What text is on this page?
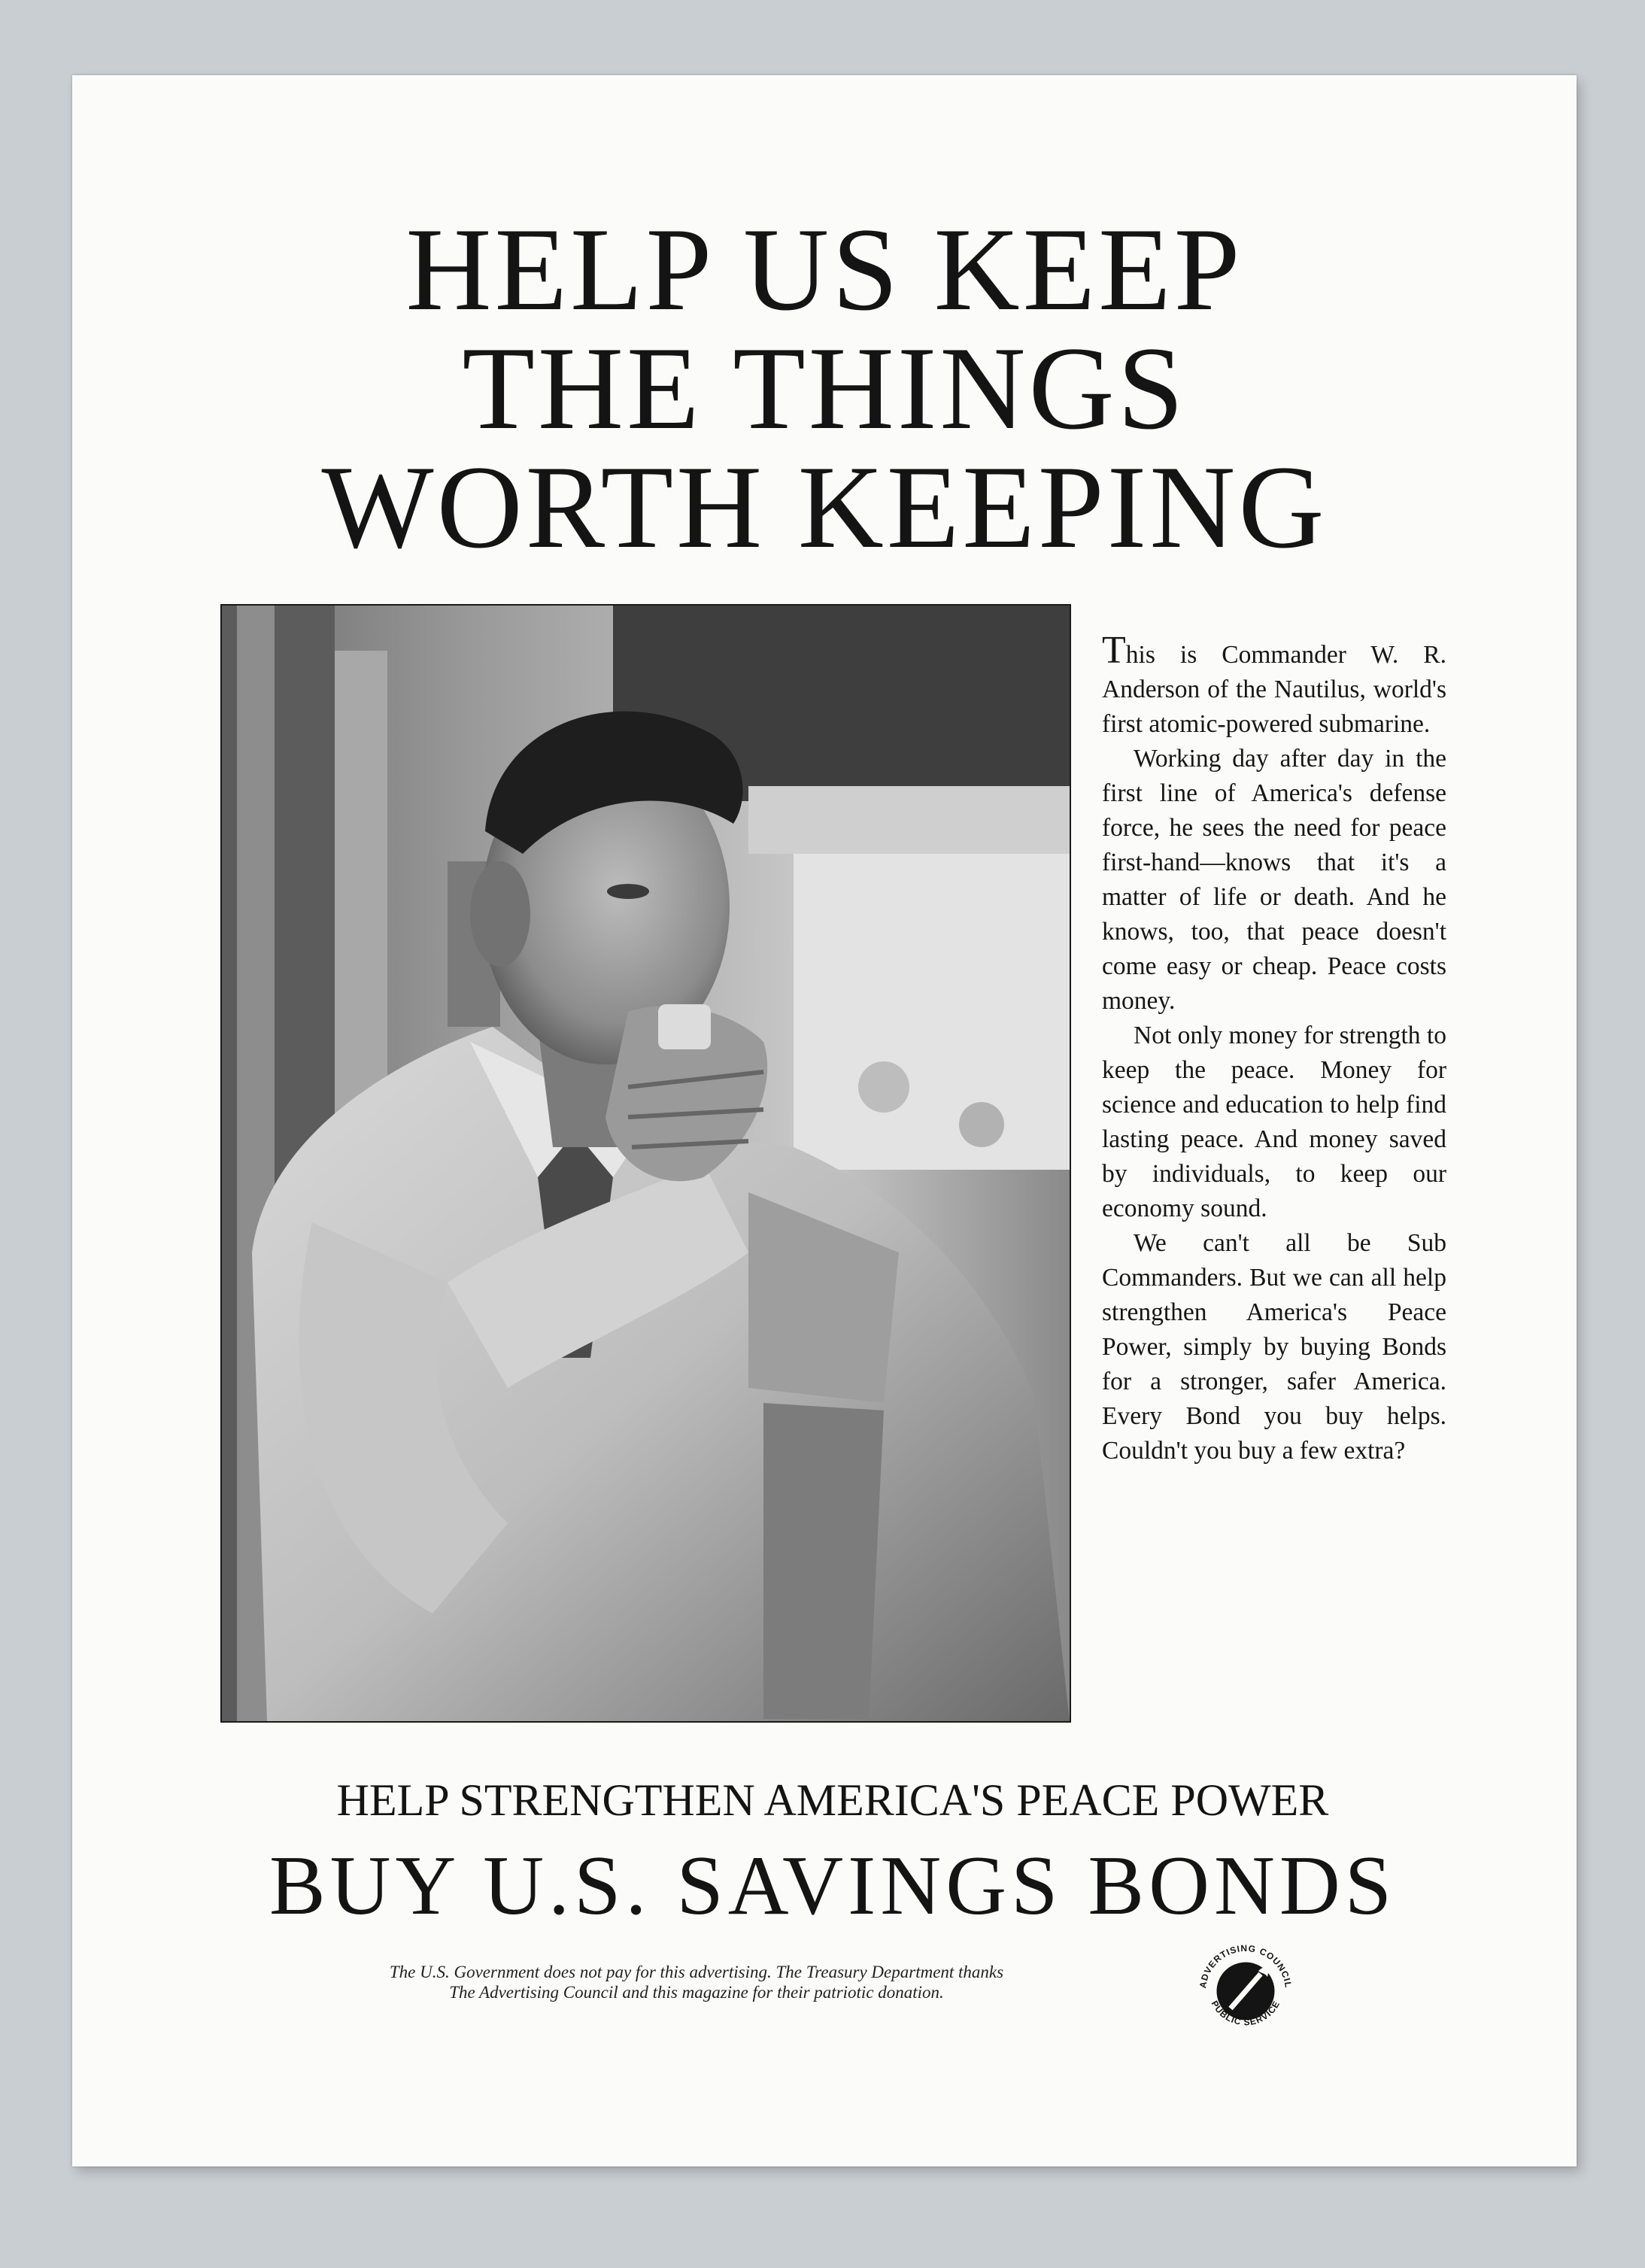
HELP US KEEP
THE THINGS
WORTH KEEPING

This is Commander W. R. Anderson of the Nautilus, world's first atomic-powered submarine.

Working day after day in the first line of America's defense force, he sees the need for peace first-hand—knows that it's a matter of life or death. And he knows, too, that peace doesn't come easy or cheap. Peace costs money.

Not only money for strength to keep the peace. Money for science and education to help find lasting peace. And money saved by individuals, to keep our economy sound.

We can't all be Sub Commanders. But we can all help strengthen America's Peace Power, simply by buying Bonds for a stronger, safer America. Every Bond you buy helps. Couldn't you buy a few extra?

HELP STRENGTHEN AMERICA'S PEACE POWER
BUY U.S. SAVINGS BONDS
The U.S. Government does not pay for this advertising. The Treasury Department thanks
The Advertising Council and this magazine for their patriotic donation.	ADVERTISING COUNCIL
PUBLIC SERVICE
